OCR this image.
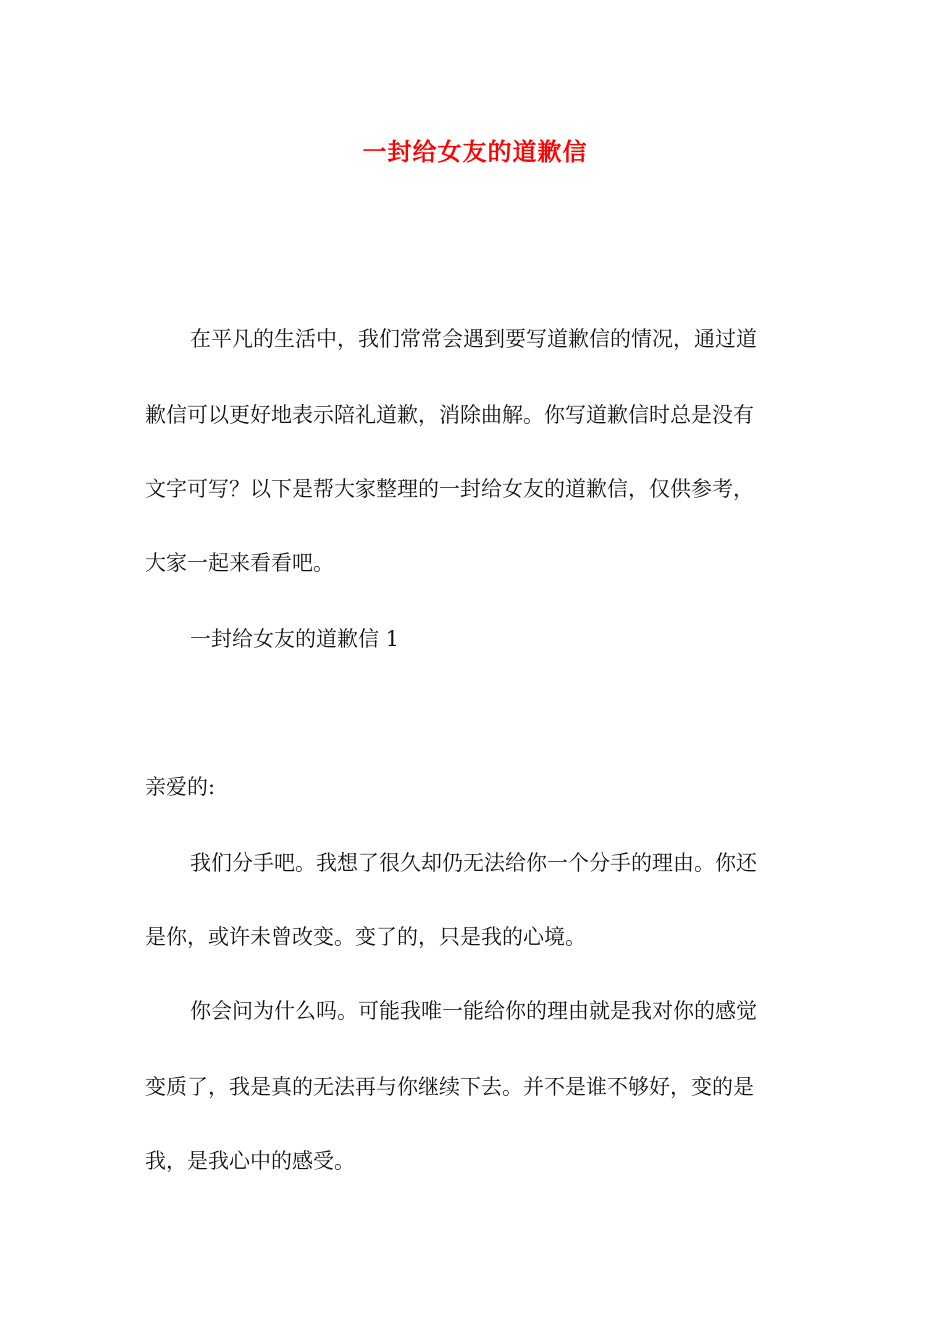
一封给女友的道歉信
在平凡的生活中，我们常常会遇到要写道歉信的情况，通过道
歉信可以更好地表示陪礼道歉，消除曲解。你写道歉信时总是没有
文字可写？以下是帮大家整理的一封给女友的道歉信，仅供参考，
大家一起来看看吧。
一封给女友的道歉信 1
亲爱的:
我们分手吧。我想了很久却仍无法给你一个分手的理由。你还
是你，或许未曾改变。变了的，只是我的心境。
你会问为什么吗。可能我唯一能给你的理由就是我对你的感觉
变质了，我是真的无法再与你继续下去。并不是谁不够好，变的是
我，是我心中的感受。
